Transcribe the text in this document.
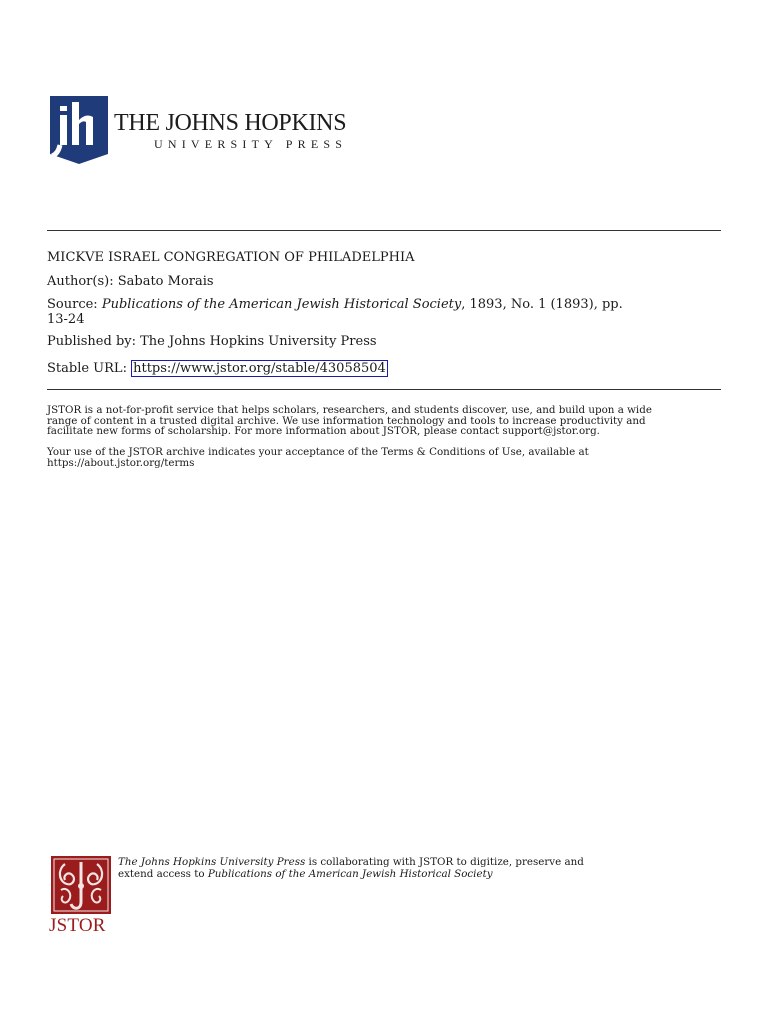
THE JOHNS HOPKINS
UNIVERSITY PRESS
MICKVE ISRAEL CONGREGATION OF PHILADELPHIA
Author(s): Sabato Morais
Source: Publications of the American Jewish Historical Society, 1893, No. 1 (1893), pp.
13-24
Published by: The Johns Hopkins University Press
Stable URL: https://www.jstor.org/stable/43058504
JSTOR is a not-for-profit service that helps scholars, researchers, and students discover, use, and build upon a wide
range of content in a trusted digital archive. We use information technology and tools to increase productivity and
facilitate new forms of scholarship. For more information about JSTOR, please contact support@jstor.org.
Your use of the JSTOR archive indicates your acceptance of the Terms & Conditions of Use, available at
https://about.jstor.org/terms
JSTOR
The Johns Hopkins University Press is collaborating with JSTOR to digitize, preserve and
extend access to Publications of the American Jewish Historical Society
